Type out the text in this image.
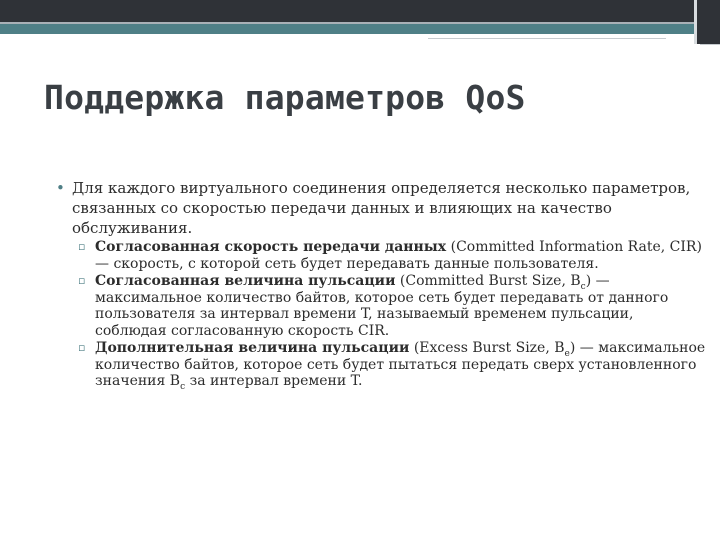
Поддержка параметров QoS
• Для каждого виртуального соединения определяется несколько параметров, связанных со скоростью передачи данных и влияющих на качество обслуживания.
▫ Согласованная скорость передачи данных (Committed Information Rate, CIR) — скорость, с которой сеть будет передавать данные пользователя.
▫ Согласованная величина пульсации (Committed Burst Size, $B_c$) — максимальное количество байтов, которое сеть будет передавать от данного пользователя за интервал времени T, называемый временем пульсации, соблюдая согласованную скорость CIR.
▫ Дополнительная величина пульсации (Excess Burst Size, $B_e$) — максимальное количество байтов, которое сеть будет пытаться передать сверх установленного значения $B_c$ за интервал времени T.
